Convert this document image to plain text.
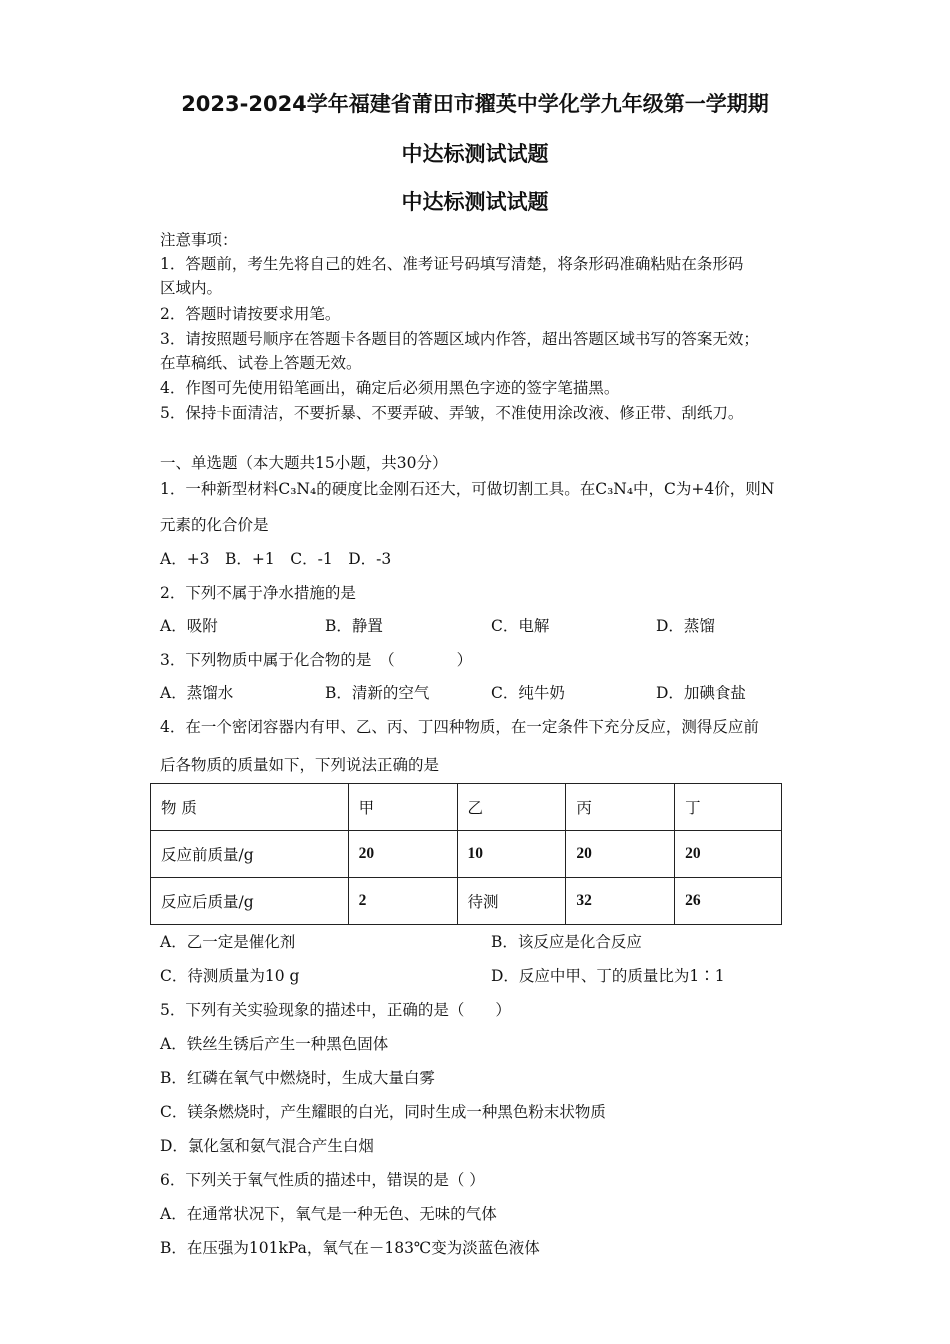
2023-2024学年福建省莆田市擢英中学化学九年级第一学期期
中达标测试试题
中达标测试试题
注意事项：
1．答题前，考生先将自己的姓名、准考证号码填写清楚，将条形码准确粘贴在条形码
区域内。
2．答题时请按要求用笔。
3．请按照题号顺序在答题卡各题目的答题区域内作答，超出答题区域书写的答案无效；
在草稿纸、试卷上答题无效。
4．作图可先使用铅笔画出，确定后必须用黑色字迹的签字笔描黑。
5．保持卡面清洁，不要折暴、不要弄破、弄皱，不准使用涂改液、修正带、刮纸刀。
一、单选题（本大题共15小题，共30分）
1．一种新型材料C₃N₄的硬度比金刚石还大，可做切割工具。在C₃N₄中，C为+4价，则N
元素的化合价是
A．+3　B．+1　C．-1　D．-3
2．下列不属于净水措施的是
A．吸附	B．静置	C．电解	D．蒸馏
3．下列物质中属于化合物的是　（　　　　）
A．蒸馏水	B．清新的空气	C．纯牛奶	D．加碘食盐
4．在一个密闭容器内有甲、乙、丙、丁四种物质，在一定条件下充分反应，测得反应前
后各物质的质量如下，下列说法正确的是
物 质	甲	乙	丙	丁
反应前质量/g	20	10	20	20
反应后质量/g	2	待测	32	26
A．乙一定是催化剂	B．该反应是化合反应
C．待测质量为10 g	D．反应中甲、丁的质量比为1∶1
5．下列有关实验现象的描述中，正确的是（　　）
A．铁丝生锈后产生一种黑色固体
B．红磷在氧气中燃烧时，生成大量白雾
C．镁条燃烧时，产生耀眼的白光，同时生成一种黑色粉末状物质
D．氯化氢和氨气混合产生白烟
6．下列关于氧气性质的描述中，错误的是（ ）
A．在通常状况下，氧气是一种无色、无味的气体
B．在压强为101kPa，氧气在－183℃变为淡蓝色液体
